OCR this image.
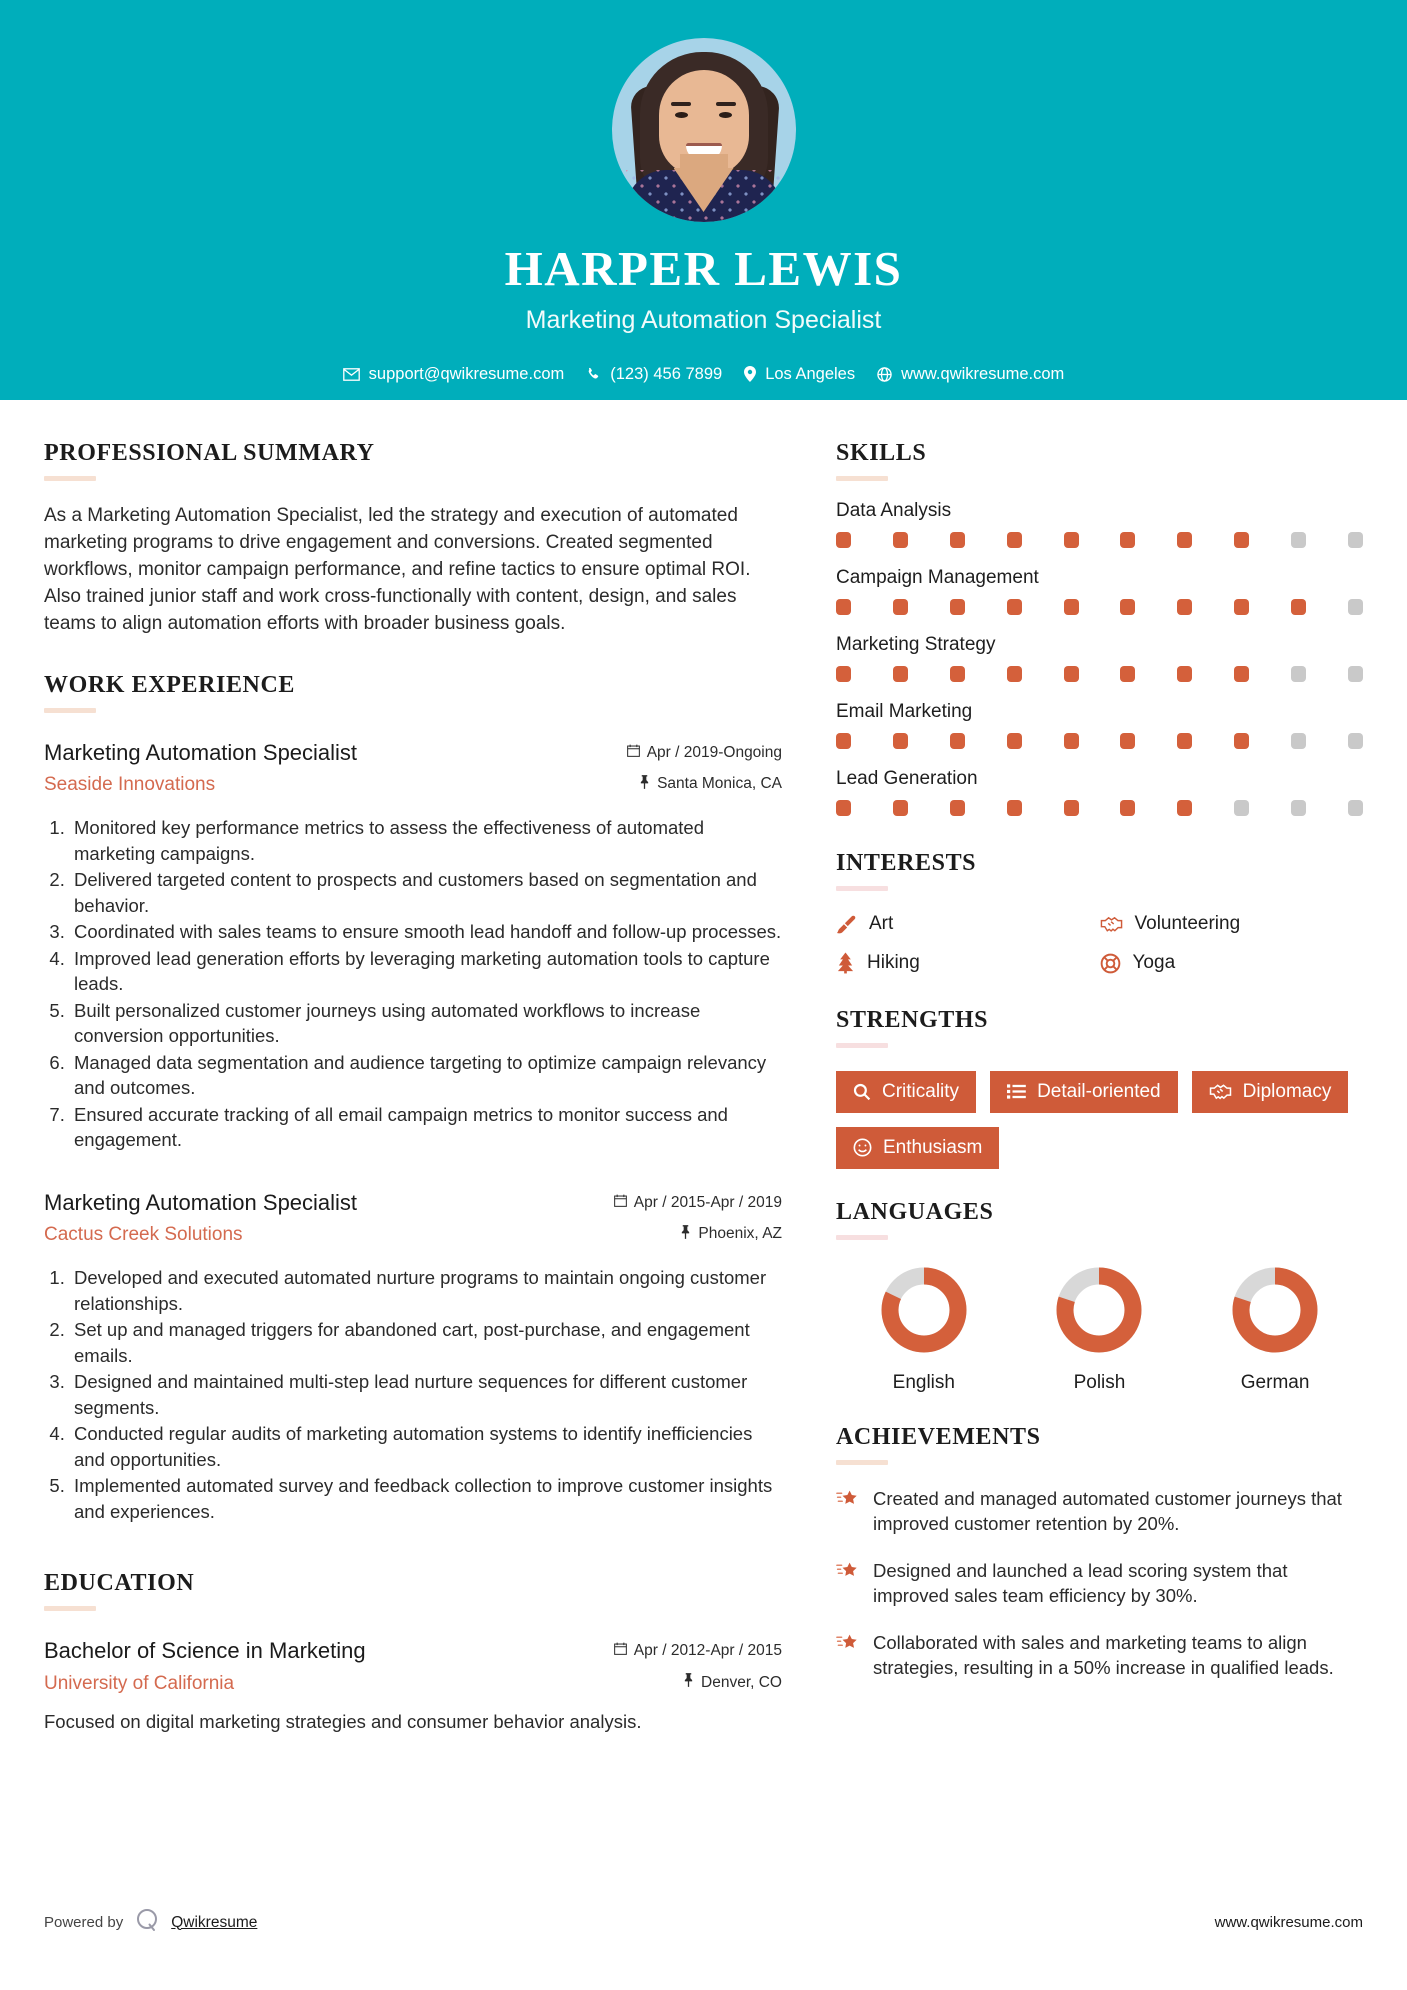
HARPER LEWIS
Marketing Automation Specialist
support@qwikresume.com	(123) 456 7899	Los Angeles	www.qwikresume.com
PROFESSIONAL SUMMARY

As a Marketing Automation Specialist, led the strategy and execution of automated marketing programs to drive engagement and conversions. Created segmented workflows, monitor campaign performance, and refine tactics to ensure optimal ROI. Also trained junior staff and work cross-functionally with content, design, and sales teams to align automation efforts with broader business goals.

WORK EXPERIENCE
Marketing Automation Specialist
Seaside Innovations
Apr / 2019-Ongoing
Santa Monica, CA
1. Monitored key performance metrics to assess the effectiveness of automated marketing campaigns.
2. Delivered targeted content to prospects and customers based on segmentation and behavior.
3. Coordinated with sales teams to ensure smooth lead handoff and follow-up processes.
4. Improved lead generation efforts by leveraging marketing automation tools to capture leads.
5. Built personalized customer journeys using automated workflows to increase conversion opportunities.
6. Managed data segmentation and audience targeting to optimize campaign relevancy and outcomes.
7. Ensured accurate tracking of all email campaign metrics to monitor success and engagement.
Marketing Automation Specialist
Cactus Creek Solutions
Apr / 2015-Apr / 2019
Phoenix, AZ
1. Developed and executed automated nurture programs to maintain ongoing customer relationships.
2. Set up and managed triggers for abandoned cart, post-purchase, and engagement emails.
3. Designed and maintained multi-step lead nurture sequences for different customer segments.
4. Conducted regular audits of marketing automation systems to identify inefficiencies and opportunities.
5. Implemented automated survey and feedback collection to improve customer insights and experiences.
EDUCATION
Bachelor of Science in Marketing
University of California
Apr / 2012-Apr / 2015
Denver, CO

Focused on digital marketing strategies and consumer behavior analysis.

SKILLS
Data Analysis
Campaign Management
Marketing Strategy
Email Marketing
Lead Generation
INTERESTS
Art	Volunteering
Hiking	Yoga
STRENGTHS
Criticality	Detail-oriented	Diplomacy
Enthusiasm
LANGUAGES
English	Polish	German
ACHIEVEMENTS
Created and managed automated customer journeys that improved customer retention by 20%.
Designed and launched a lead scoring system that improved sales team efficiency by 30%.
Collaborated with sales and marketing teams to align strategies, resulting in a 50% increase in qualified leads.
Powered by	Qwikresume	www.qwikresume.com
